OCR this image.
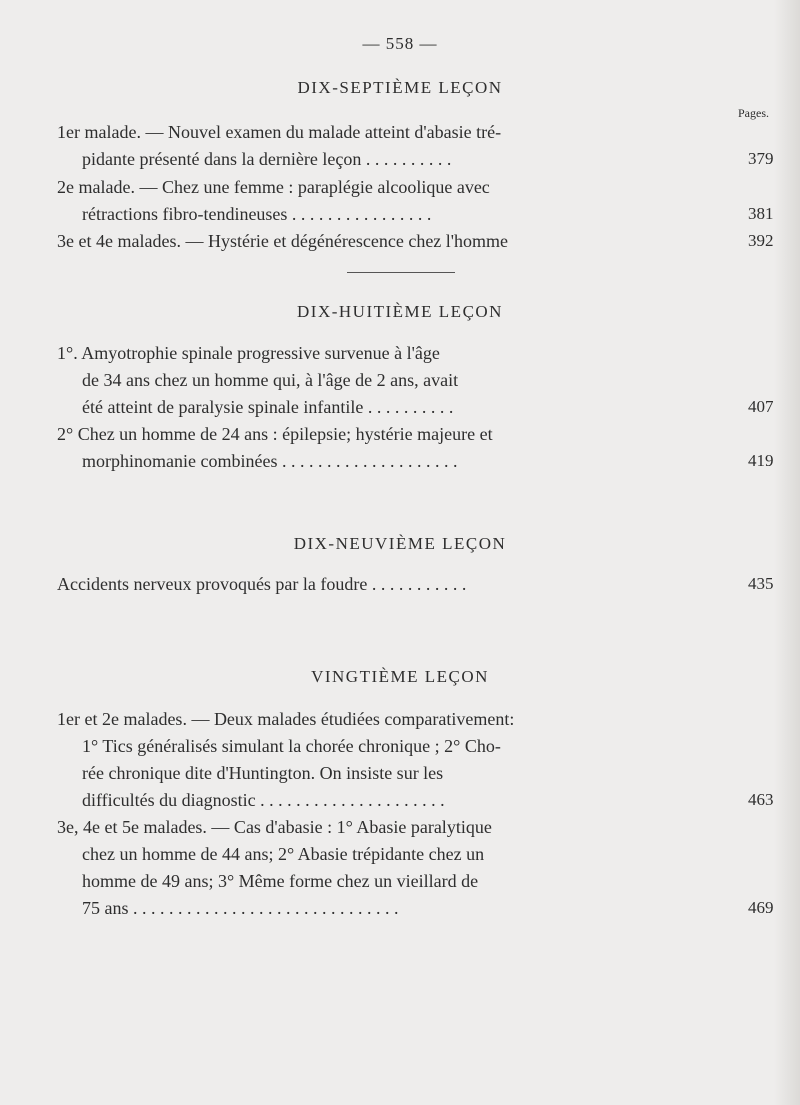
— 558 —
DIX-SEPTIÈME LEÇON
Pages.
1er malade. — Nouvel examen du malade atteint d'abasie tré-
pidante présenté dans la dernière leçon . . . . . . . . . .	379
2e malade. — Chez une femme : paraplégie alcoolique avec
rétractions fibro-tendineuses . . . . . . . . . . . . . . . .	381
3e et 4e malades. — Hystérie et dégénérescence chez l'homme	392
DIX-HUITIÈME LEÇON
1°. Amyotrophie spinale progressive survenue à l'âge
de 34 ans chez un homme qui, à l'âge de 2 ans, avait
été atteint de paralysie spinale infantile . . . . . . . . . .	407
2° Chez un homme de 24 ans : épilepsie; hystérie majeure et
morphinomanie combinées . . . . . . . . . . . . . . . . . . . .	419
DIX-NEUVIÈME LEÇON
Accidents nerveux provoqués par la foudre . . . . . . . . . . .	435
VINGTIÈME LEÇON
1er et 2e malades. — Deux malades étudiées comparativement:
1° Tics généralisés simulant la chorée chronique ; 2° Cho-
rée chronique dite d'Huntington. On insiste sur les
difficultés du diagnostic . . . . . . . . . . . . . . . . . . . . .	463
3e, 4e et 5e malades. — Cas d'abasie : 1° Abasie paralytique
chez un homme de 44 ans; 2° Abasie trépidante chez un
homme de 49 ans; 3° Même forme chez un vieillard de
75 ans . . . . . . . . . . . . . . . . . . . . . . . . . . . . . .	469
